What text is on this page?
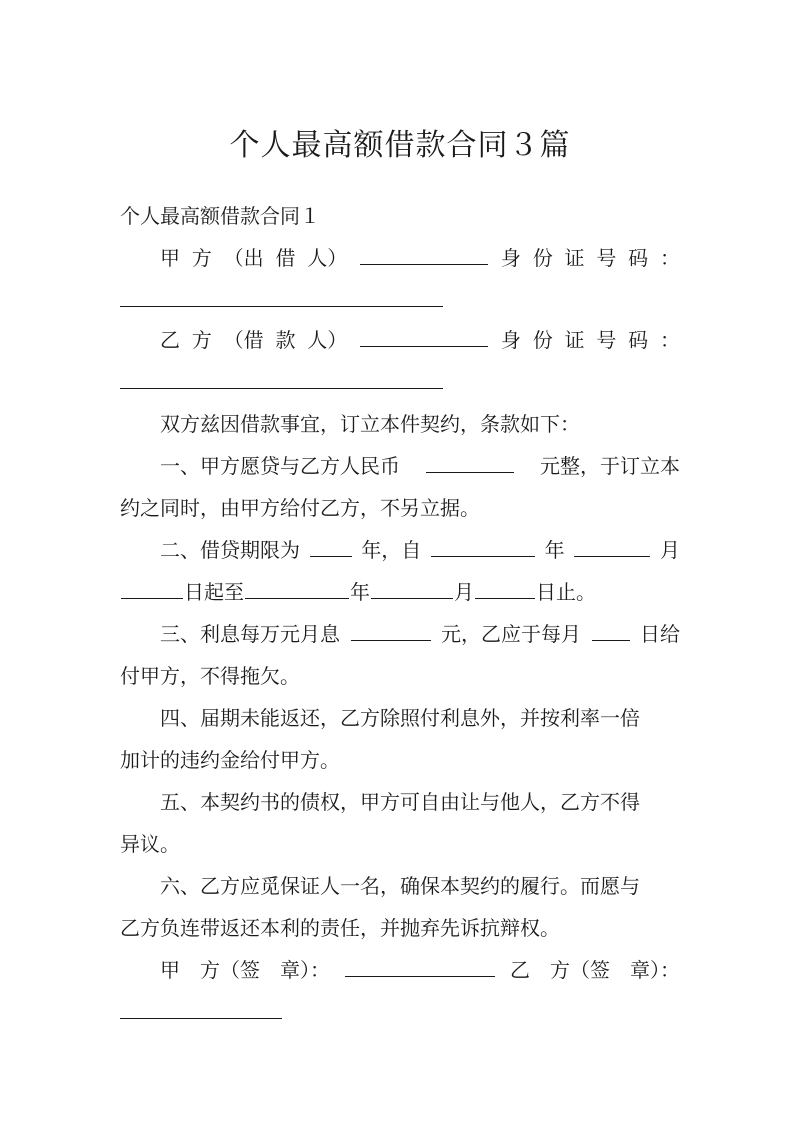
个人最高额借款合同３篇
个人最高额借款合同１
甲 方 （出 借 人）	身 份 证 号 码 ：
乙 方 （借 款 人）	身 份 证 号 码 ：
双方兹因借款事宜，订立本件契约，条款如下：
一、甲方愿贷与乙方人民币	元整，于订立本
约之同时，由甲方给付乙方，不另立据。
二、借贷期限为	年，自	年	月
日起至	年	月	日止。
三、利息每万元月息	元，乙应于每月	日给
付甲方，不得拖欠。
四、届期未能返还，乙方除照付利息外，并按利率一倍
加计的违约金给付甲方。
五、本契约书的债权，甲方可自由让与他人，乙方不得
异议。
六、乙方应觅保证人一名，确保本契约的履行。而愿与
乙方负连带返还本利的责任，并抛弃先诉抗辩权。
甲　方（签　章）：	乙　方（签　章）：
